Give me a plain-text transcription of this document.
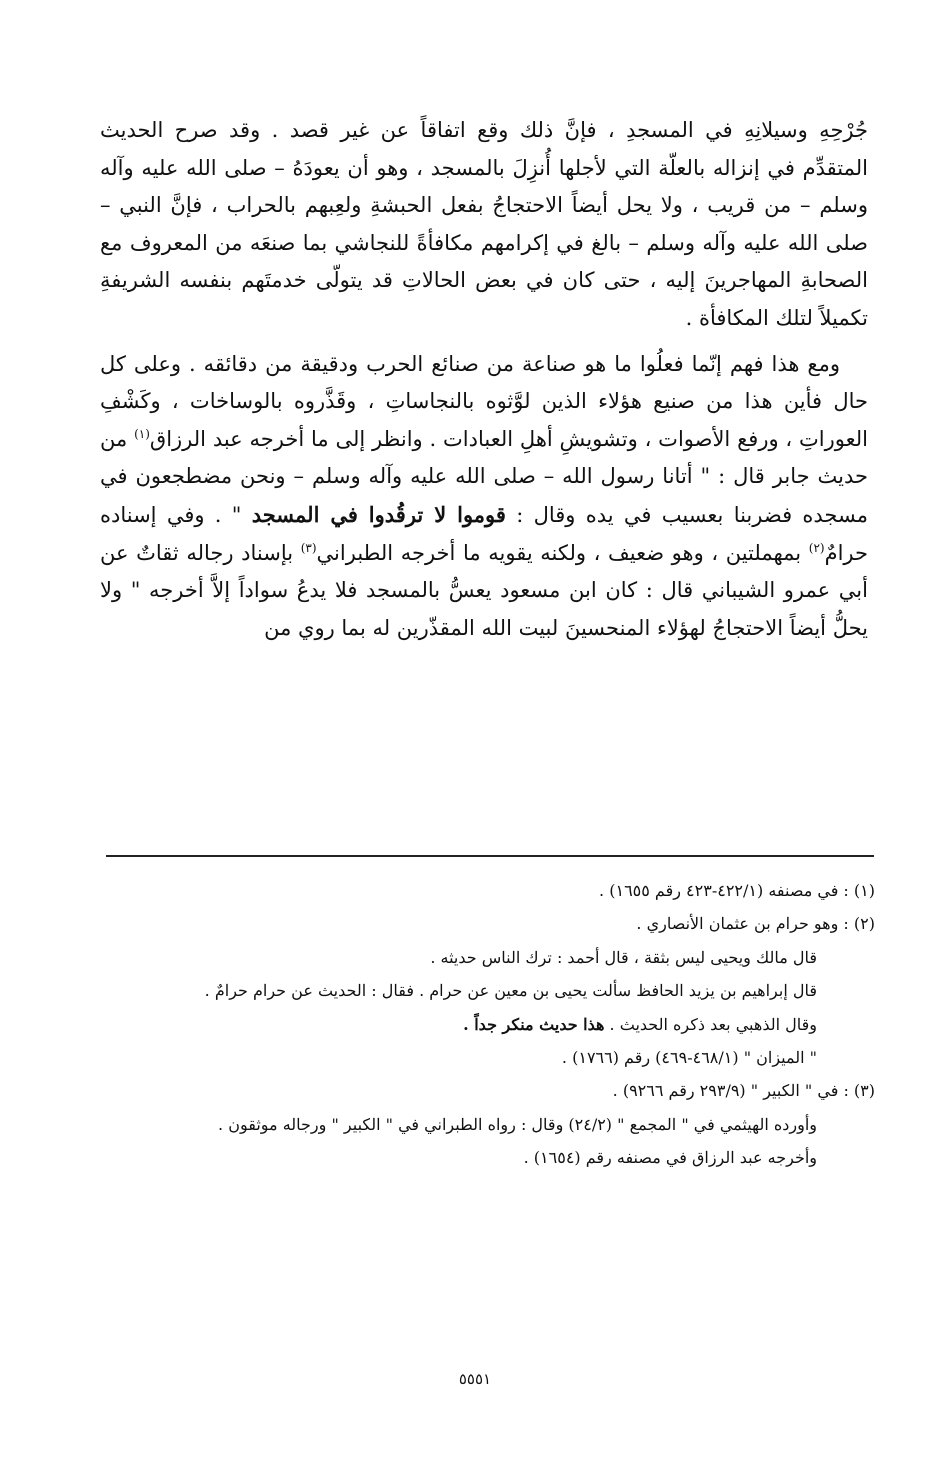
جُرْحِهِ وسيلانِهِ في المسجدِ ، فإنَّ ذلك وقع اتفاقاً عن غير قصد . وقد صرح الحديث المتقدِّم في إنزاله بالعلّة التي لأجلها أُنزِلَ بالمسجد ، وهو أن يعودَهُ – صلى الله عليه وآله وسلم – من قريب ، ولا يحل أيضاً الاحتجاجُ بفعل الحبشةِ ولعِبهم بالحراب ، فإنَّ النبي – صلى الله عليه وآله وسلم – بالغ في إكرامهم مكافأةً للنجاشي بما صنعَه من المعروف مع الصحابةِ المهاجرينَ إليه ، حتى كان في بعض الحالاتِ قد يتولّى خدمتَهم بنفسه الشريفةِ تكميلاً لتلك المكافأة .

ومع هذا فهم إنّما فعلُوا ما هو صناعة من صنائع الحرب ودقيقة من دقائقه . وعلى كل حال فأين هذا من صنيع هؤلاء الذين لوَّثوه بالنجاساتِ ، وقَذَّروه بالوساخات ، وكَشْفِ العوراتِ ، ورفع الأصوات ، وتشويشِ أهلِ العبادات . وانظر إلى ما أخرجه عبد الرزاق$^{(١)}$ من حديث جابر قال : " أتانا رسول الله – صلى الله عليه وآله وسلم – ونحن مضطجعون في مسجده فضربنا بعسيب في يده وقال : قوموا لا ترقُدوا في المسجد " . وفي إسناده حرامٌ$^{(٢)}$ بمهملتين ، وهو ضعيف ، ولكنه يقويه ما أخرجه الطبراني$^{(٣)}$ بإسناد رجاله ثقاتٌ عن أبي عمرو الشيباني قال : كان ابن مسعود يعسُّ بالمسجد فلا يدعُ سواداً إلاَّ أخرجه " ولا يحلُّ أيضاً الاحتجاجُ لهؤلاء المنحسينَ لبيت الله المقذّرين له بما روي من

(١) : في مصنفه (٤٢٢/١-٤٢٣ رقم ١٦٥٥) .

(٢) : وهو حرام بن عثمان الأنصاري .

قال مالك ويحيى ليس بثقة ، قال أحمد : ترك الناس حديثه .

قال إبراهيم بن يزيد الحافظ سألت يحيى بن معين عن حرام . فقال : الحديث عن حرام حرامٌ .

وقال الذهبي بعد ذكره الحديث . هذا حديث منكر جداً .

" الميزان " (٤٦٨/١-٤٦٩) رقم (١٧٦٦) .

(٣) : في " الكبير " (٢٩٣/٩ رقم ٩٢٦٦) .

وأورده الهيثمي في " المجمع " (٢٤/٢) وقال : رواه الطبراني في " الكبير " ورجاله موثقون .

وأخرجه عبد الرزاق في مصنفه رقم (١٦٥٤) .

٥٥٥١
